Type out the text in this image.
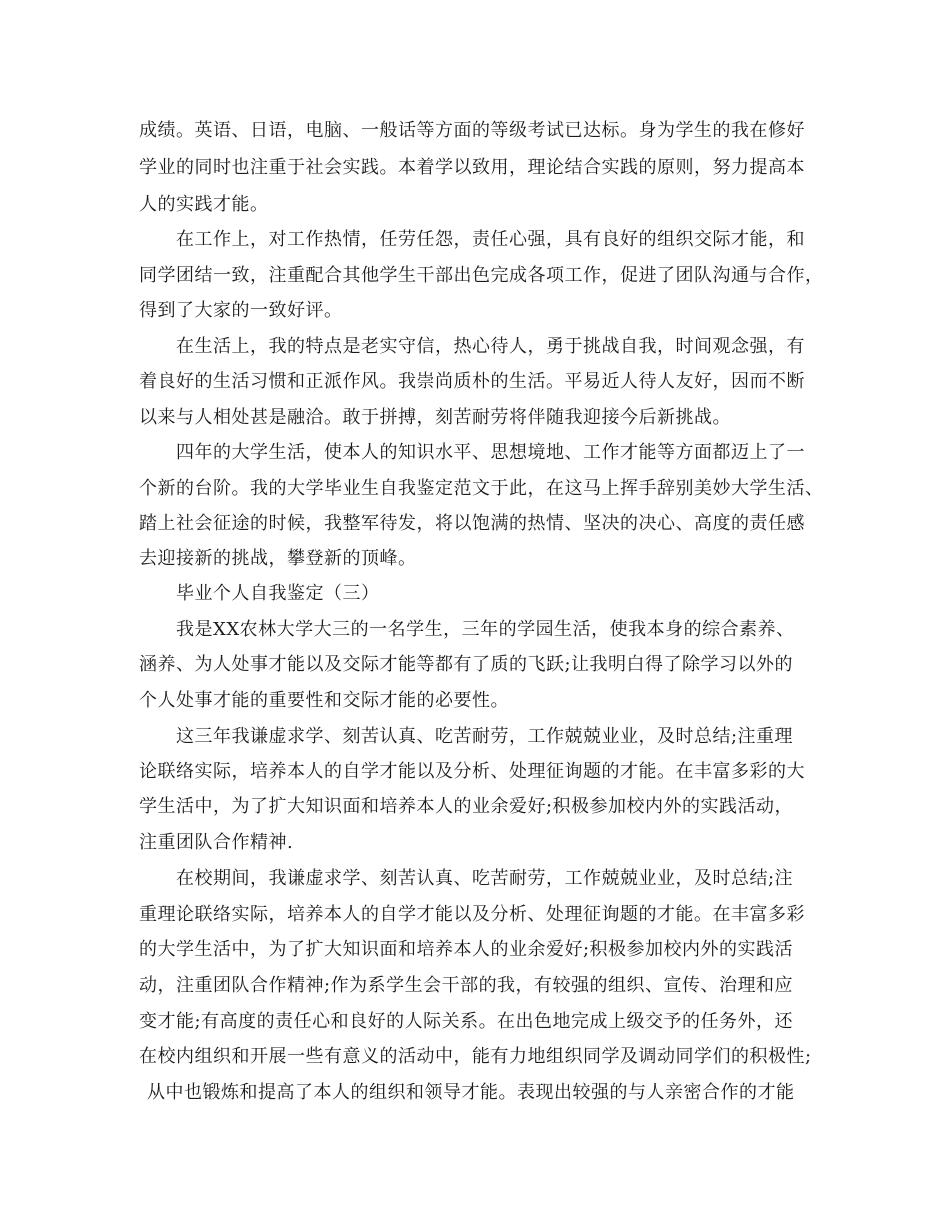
成绩。英语、日语，电脑、一般话等方面的等级考试已达标。身为学生的我在修好
学业的同时也注重于社会实践。本着学以致用，理论结合实践的原则，努力提高本
人的实践才能。
　　在工作上，对工作热情，任劳任怨，责任心强，具有良好的组织交际才能，和
同学团结一致，注重配合其他学生干部出色完成各项工作，促进了团队沟通与合作，
得到了大家的一致好评。
　　在生活上，我的特点是老实守信，热心待人，勇于挑战自我，时间观念强，有
着良好的生活习惯和正派作风。我崇尚质朴的生活。平易近人待人友好，因而不断
以来与人相处甚是融洽。敢于拼搏，刻苦耐劳将伴随我迎接今后新挑战。
　　四年的大学生活，使本人的知识水平、思想境地、工作才能等方面都迈上了一
个新的台阶。我的大学毕业生自我鉴定范文于此，在这马上挥手辞别美妙大学生活、
踏上社会征途的时候，我整军待发，将以饱满的热情、坚决的决心、高度的责任感
去迎接新的挑战，攀登新的顶峰。
　　毕业个人自我鉴定（三）
　　我是XX农林大学大三的一名学生，三年的学园生活，使我本身的综合素养、
涵养、为人处事才能以及交际才能等都有了质的飞跃;让我明白得了除学习以外的
个人处事才能的重要性和交际才能的必要性。
　　这三年我谦虚求学、刻苦认真、吃苦耐劳，工作兢兢业业，及时总结;注重理
论联络实际，培养本人的自学才能以及分析、处理征询题的才能。在丰富多彩的大
学生活中，为了扩大知识面和培养本人的业余爱好;积极参加校内外的实践活动，
注重团队合作精神.
　　在校期间，我谦虚求学、刻苦认真、吃苦耐劳，工作兢兢业业，及时总结;注
重理论联络实际，培养本人的自学才能以及分析、处理征询题的才能。在丰富多彩
的大学生活中，为了扩大知识面和培养本人的业余爱好;积极参加校内外的实践活
动，注重团队合作精神;作为系学生会干部的我，有较强的组织、宣传、治理和应
变才能;有高度的责任心和良好的人际关系。在出色地完成上级交予的任务外，还
在校内组织和开展一些有意义的活动中，能有力地组织同学及调动同学们的积极性;
从中也锻炼和提高了本人的组织和领导才能。表现出较强的与人亲密合作的才能
